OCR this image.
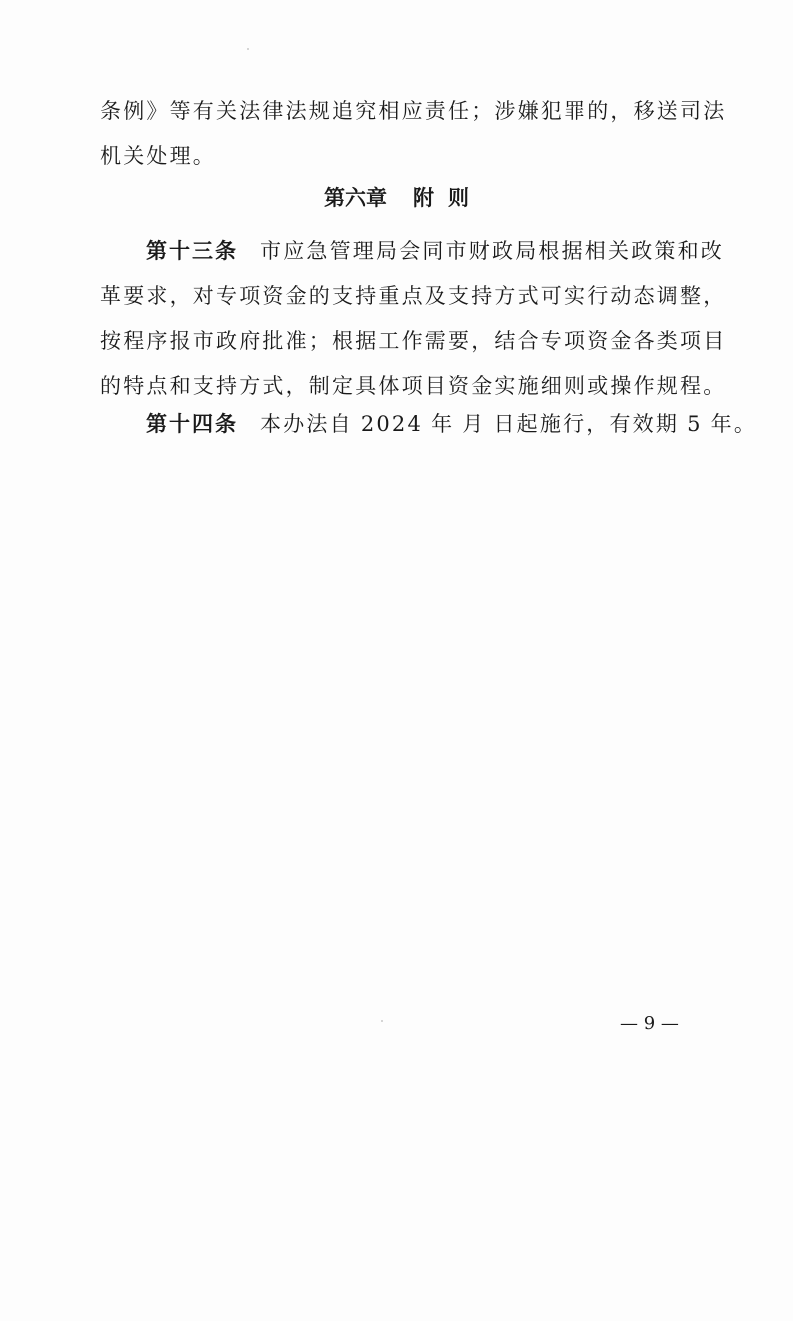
条例》等有关法律法规追究相应责任；涉嫌犯罪的，移送司法
机关处理。
第六章 附 则
第十三条 市应急管理局会同市财政局根据相关政策和改
革要求，对专项资金的支持重点及支持方式可实行动态调整，
按程序报市政府批准；根据工作需要，结合专项资金各类项目
的特点和支持方式，制定具体项目资金实施细则或操作规程。
第十四条 本办法自 2024 年 月 日起施行，有效期 5 年。
— 9 —
